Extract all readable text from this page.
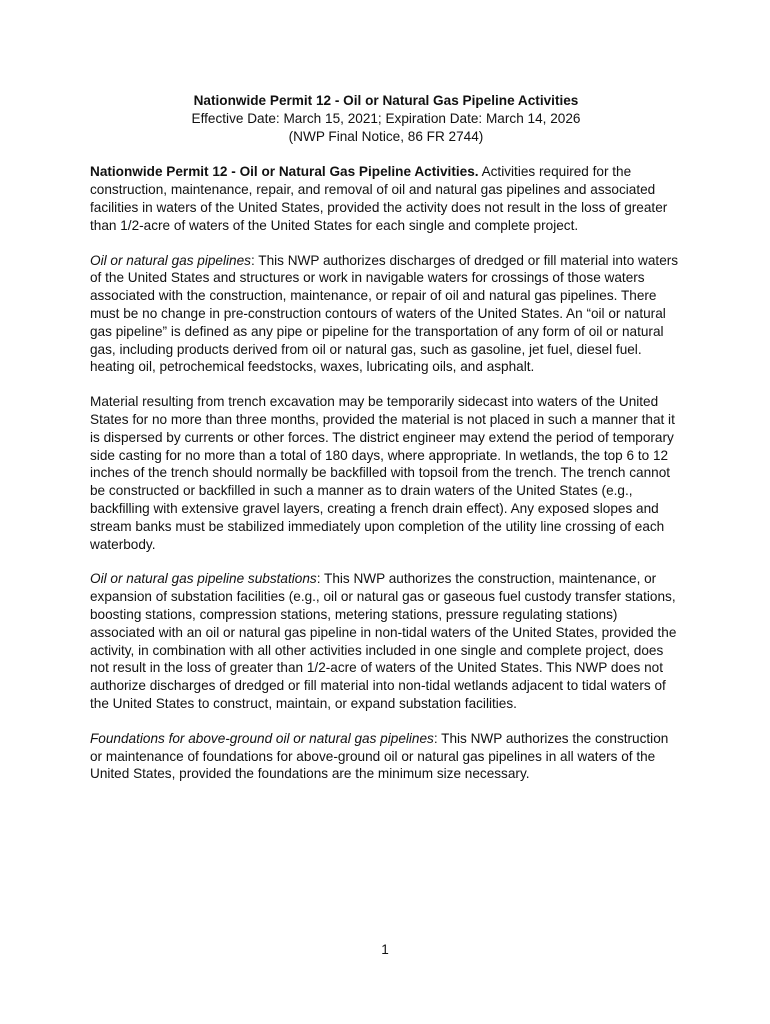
Nationwide Permit 12 - Oil or Natural Gas Pipeline Activities
Effective Date: March 15, 2021; Expiration Date: March 14, 2026
(NWP Final Notice, 86 FR 2744)

Nationwide Permit 12 - Oil or Natural Gas Pipeline Activities. Activities required for the construction, maintenance, repair, and removal of oil and natural gas pipelines and associated facilities in waters of the United States, provided the activity does not result in the loss of greater than 1/2-acre of waters of the United States for each single and complete project.

Oil or natural gas pipelines: This NWP authorizes discharges of dredged or fill material into waters of the United States and structures or work in navigable waters for crossings of those waters associated with the construction, maintenance, or repair of oil and natural gas pipelines. There must be no change in pre-construction contours of waters of the United States. An “oil or natural gas pipeline” is defined as any pipe or pipeline for the transportation of any form of oil or natural gas, including products derived from oil or natural gas, such as gasoline, jet fuel, diesel fuel. heating oil, petrochemical feedstocks, waxes, lubricating oils, and asphalt.

Material resulting from trench excavation may be temporarily sidecast into waters of the United States for no more than three months, provided the material is not placed in such a manner that it is dispersed by currents or other forces. The district engineer may extend the period of temporary side casting for no more than a total of 180 days, where appropriate. In wetlands, the top 6 to 12 inches of the trench should normally be backfilled with topsoil from the trench. The trench cannot be constructed or backfilled in such a manner as to drain waters of the United States (e.g., backfilling with extensive gravel layers, creating a french drain effect). Any exposed slopes and stream banks must be stabilized immediately upon completion of the utility line crossing of each waterbody.

Oil or natural gas pipeline substations: This NWP authorizes the construction, maintenance, or expansion of substation facilities (e.g., oil or natural gas or gaseous fuel custody transfer stations, boosting stations, compression stations, metering stations, pressure regulating stations) associated with an oil or natural gas pipeline in non-tidal waters of the United States, provided the activity, in combination with all other activities included in one single and complete project, does not result in the loss of greater than 1/2-acre of waters of the United States. This NWP does not authorize discharges of dredged or fill material into non-tidal wetlands adjacent to tidal waters of the United States to construct, maintain, or expand substation facilities.

Foundations for above-ground oil or natural gas pipelines: This NWP authorizes the construction or maintenance of foundations for above-ground oil or natural gas pipelines in all waters of the United States, provided the foundations are the minimum size necessary.

1
